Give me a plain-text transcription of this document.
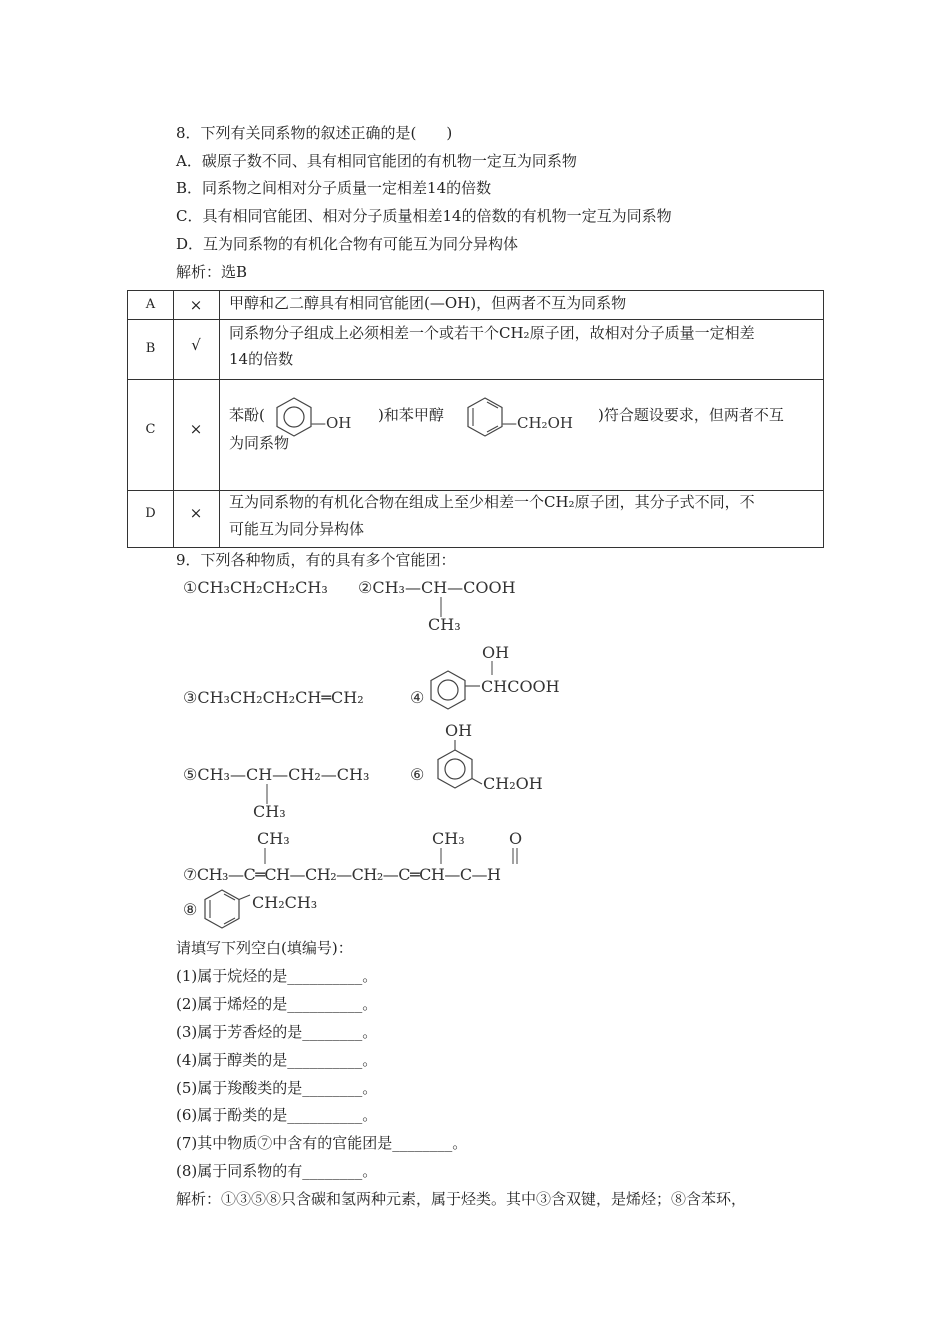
8．下列有关同系物的叙述正确的是(　　)
A．碳原子数不同、具有相同官能团的有机物一定互为同系物
B．同系物之间相对分子质量一定相差14的倍数
C．具有相同官能团、相对分子质量相差14的倍数的有机物一定互为同系物
D．互为同系物的有机化合物有可能互为同分异构体
解析：选B
A	×	甲醇和乙二醇具有相同官能团(—OH)，但两者不互为同系物
B	√
同系物分子组成上必须相差一个或若干个CH₂原子团，故相对分子质量一定相差
14的倍数
C	×
苯酚(	—OH )和苯甲醇	—CH₂OH )符合题设要求，但两者不互
为同系物
D	×
互为同系物的有机化合物在组成上至少相差一个CH₂原子团，其分子式不同，不
可能互为同分异构体
9．下列各种物质，有的具有多个官能团：
①CH₃CH₂CH₂CH₃ ②CH₃—CH—COOH
CH₃
③CH₃CH₂CH₂CH═CH₂	④
OH
CHCOOH
⑤CH₃—CH—CH₂—CH₃
CH₃
⑥
OH
CH₂OH
CH₃	CH₃	O
⑦CH₃—C═CH—CH₂—CH₂—C═CH—C—H
⑧	CH₂CH₃
请填写下列空白(填编号)：
(1)属于烷烃的是__________。
(2)属于烯烃的是__________。
(3)属于芳香烃的是________。
(4)属于醇类的是__________。
(5)属于羧酸类的是________。
(6)属于酚类的是__________。
(7)其中物质⑦中含有的官能团是________。
(8)属于同系物的有________。
解析：①③⑤⑧只含碳和氢两种元素，属于烃类。其中③含双键，是烯烃；⑧含苯环，
